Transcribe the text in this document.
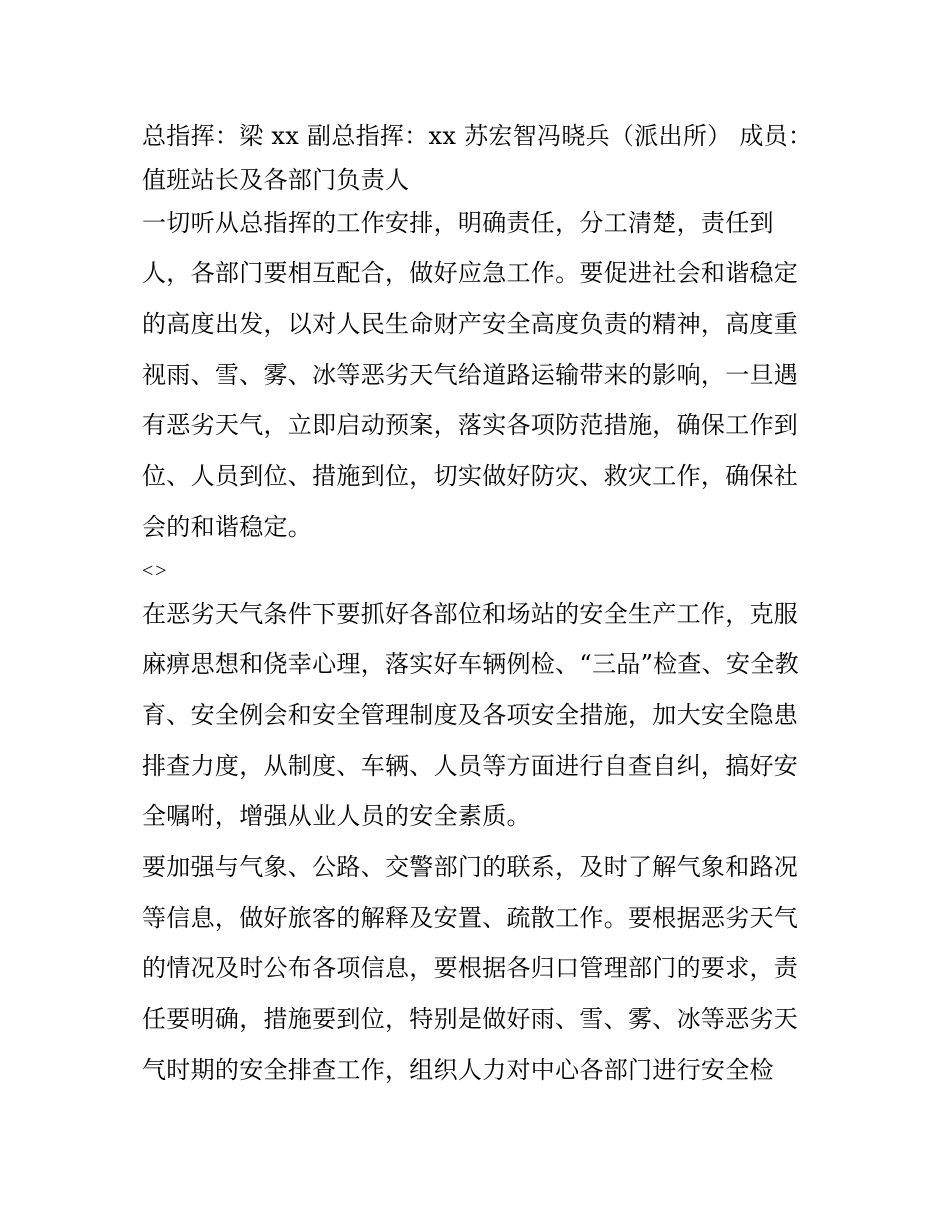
总指挥：梁 xx 副总指挥：xx 苏宏智冯晓兵（派出所） 成员：
值班站长及各部门负责人
一切听从总指挥的工作安排，明确责任，分工清楚，责任到
人，各部门要相互配合，做好应急工作。要促进社会和谐稳定
的高度出发，以对人民生命财产安全高度负责的精神，高度重
视雨、雪、雾、冰等恶劣天气给道路运输带来的影响，一旦遇
有恶劣天气，立即启动预案，落实各项防范措施，确保工作到
位、人员到位、措施到位，切实做好防灾、救灾工作，确保社
会的和谐稳定。
<>
在恶劣天气条件下要抓好各部位和场站的安全生产工作，克服
麻痹思想和侥幸心理，落实好车辆例检、“三品”检查、安全教
育、安全例会和安全管理制度及各项安全措施，加大安全隐患
排查力度，从制度、车辆、人员等方面进行自查自纠，搞好安
全嘱咐，增强从业人员的安全素质。
要加强与气象、公路、交警部门的联系，及时了解气象和路况
等信息，做好旅客的解释及安置、疏散工作。要根据恶劣天气
的情况及时公布各项信息，要根据各归口管理部门的要求，责
任要明确，措施要到位，特别是做好雨、雪、雾、冰等恶劣天
气时期的安全排查工作，组织人力对中心各部门进行安全检
